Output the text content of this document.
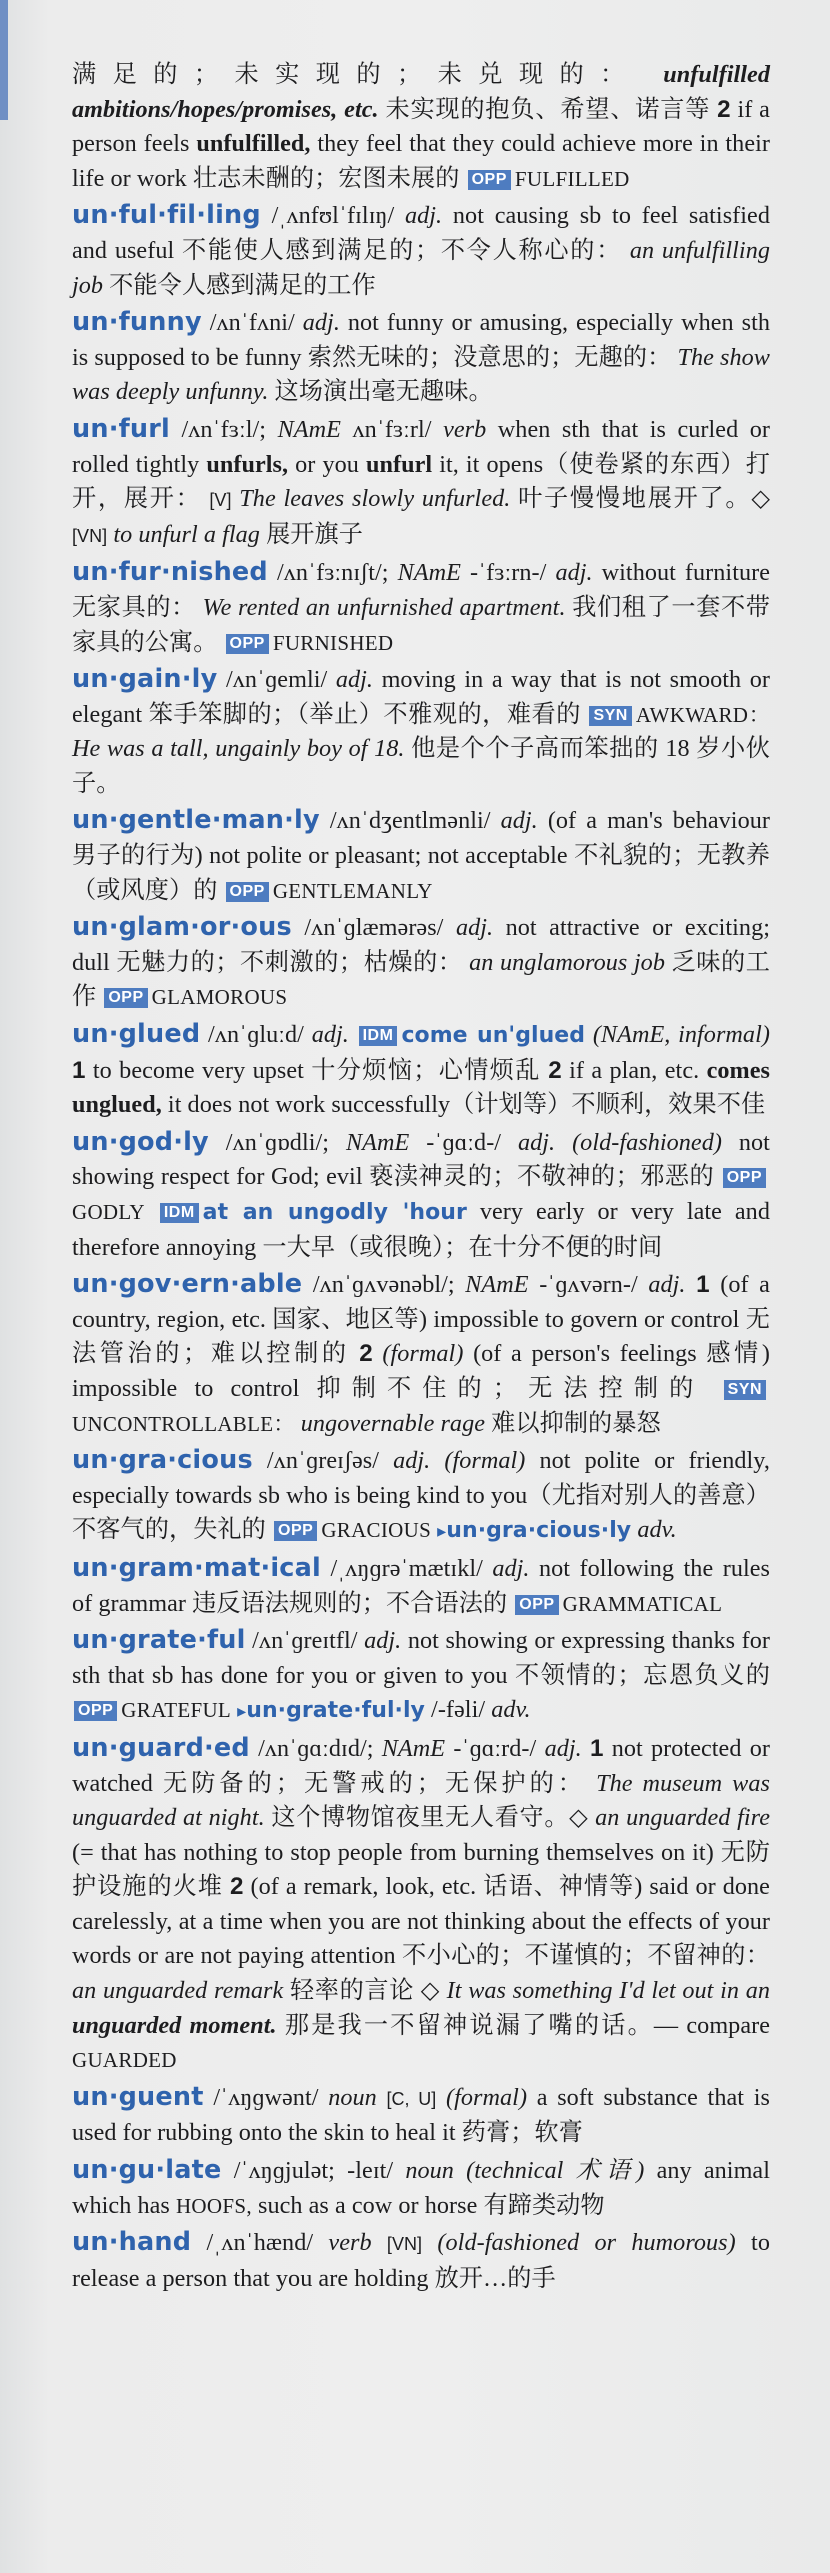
满足的；未实现的；未兑现的： unfulfilled ambitions/hopes/promises, etc. 未实现的抱负、希望、诺言等 2 if a person feels unfulfilled, they feel that they could achieve more in their life or work 壮志未酬的；宏图未展的 OPP FULFILLED

un·ful·fil·ling /ˌʌnfʊlˈfɪlɪŋ/ adj. not causing sb to feel satisfied and useful 不能使人感到满足的；不令人称心的： an unfulfilling job 不能令人感到满足的工作

un·funny /ʌnˈfʌni/ adj. not funny or amusing, especially when sth is supposed to be funny 索然无味的；没意思的；无趣的： The show was deeply unfunny. 这场演出毫无趣味。

un·furl /ʌnˈfɜːl/; NAmE ʌnˈfɜːrl/ verb when sth that is curled or rolled tightly unfurls, or you unfurl it, it opens（使卷紧的东西）打开，展开： [V] The leaves slowly unfurled. 叶子慢慢地展开了。◇ [VN] to unfurl a flag 展开旗子

un·fur·nished /ʌnˈfɜːnɪʃt/; NAmE -ˈfɜːrn-/ adj. without furniture 无家具的： We rented an unfurnished apartment. 我们租了一套不带家具的公寓。 OPP FURNISHED

un·gain·ly /ʌnˈɡemli/ adj. moving in a way that is not smooth or elegant 笨手笨脚的；（举止）不雅观的，难看的 SYN AWKWARD： He was a tall, ungainly boy of 18. 他是个个子高而笨拙的 18 岁小伙子。

un·gentle·man·ly /ʌnˈdʒentlmənli/ adj. (of a man's behaviour 男子的行为) not polite or pleasant; not acceptable 不礼貌的；无教养（或风度）的 OPP GENTLEMANLY

un·glam·or·ous /ʌnˈɡlæmərəs/ adj. not attractive or exciting; dull 无魅力的；不刺激的；枯燥的： an unglamorous job 乏味的工作 OPP GLAMOROUS

un·glued /ʌnˈɡluːd/ adj. IDM come un'glued (NAmE, informal) 1 to become very upset 十分烦恼；心情烦乱 2 if a plan, etc. comes unglued, it does not work successfully（计划等）不顺利，效果不佳

un·god·ly /ʌnˈɡɒdli/; NAmE -ˈɡɑːd-/ adj. (old-fashioned) not showing respect for God; evil 亵渎神灵的；不敬神的；邪恶的 OPPGODLY IDM at an ungodly 'hour very early or very late and therefore annoying 一大早（或很晚）；在十分不便的时间

un·gov·ern·able /ʌnˈɡʌvənəbl/; NAmE -ˈɡʌvərn-/ adj. 1 (of a country, region, etc. 国家、地区等) impossible to govern or control 无法管治的；难以控制的 2 (formal) (of a person's feelings 感情) impossible to control 抑制不住的；无法控制的 SYNUNCONTROLLABLE： ungovernable rage 难以抑制的暴怒

un·gra·cious /ʌnˈɡreɪʃəs/ adj. (formal) not polite or friendly, especially towards sb who is being kind to you（尤指对别人的善意）不客气的，失礼的 OPP GRACIOUS ▸un·gra·cious·ly adv.

un·gram·mat·ical /ˌʌŋɡrəˈmætɪkl/ adj. not following the rules of grammar 违反语法规则的；不合语法的 OPP GRAMMATICAL

un·grate·ful /ʌnˈɡreɪtfl/ adj. not showing or expressing thanks for sth that sb has done for you or given to you 不领情的；忘恩负义的 OPP GRATEFUL ▸un·grate·ful·ly /-fəli/ adv.

un·guard·ed /ʌnˈɡɑːdɪd/; NAmE -ˈɡɑːrd-/ adj. 1 not protected or watched 无防备的；无警戒的；无保护的： The museum was unguarded at night. 这个博物馆夜里无人看守。◇ an unguarded fire (= that has nothing to stop people from burning themselves on it) 无防护设施的火堆 2 (of a remark, look, etc. 话语、神情等) said or done carelessly, at a time when you are not thinking about the effects of your words or are not paying attention 不小心的；不谨慎的；不留神的： an unguarded remark 轻率的言论 ◇ It was something I'd let out in an unguarded moment. 那是我一不留神说漏了嘴的话。— compare GUARDED

un·guent /ˈʌŋɡwənt/ noun [C, U] (formal) a soft substance that is used for rubbing onto the skin to heal it 药膏；软膏

un·gu·late /ˈʌŋɡjulət; -leɪt/ noun (technical 术语) any animal which has HOOFS, such as a cow or horse 有蹄类动物

un·hand /ˌʌnˈhænd/ verb [VN] (old-fashioned or humorous) to release a person that you are holding 放开…的手
